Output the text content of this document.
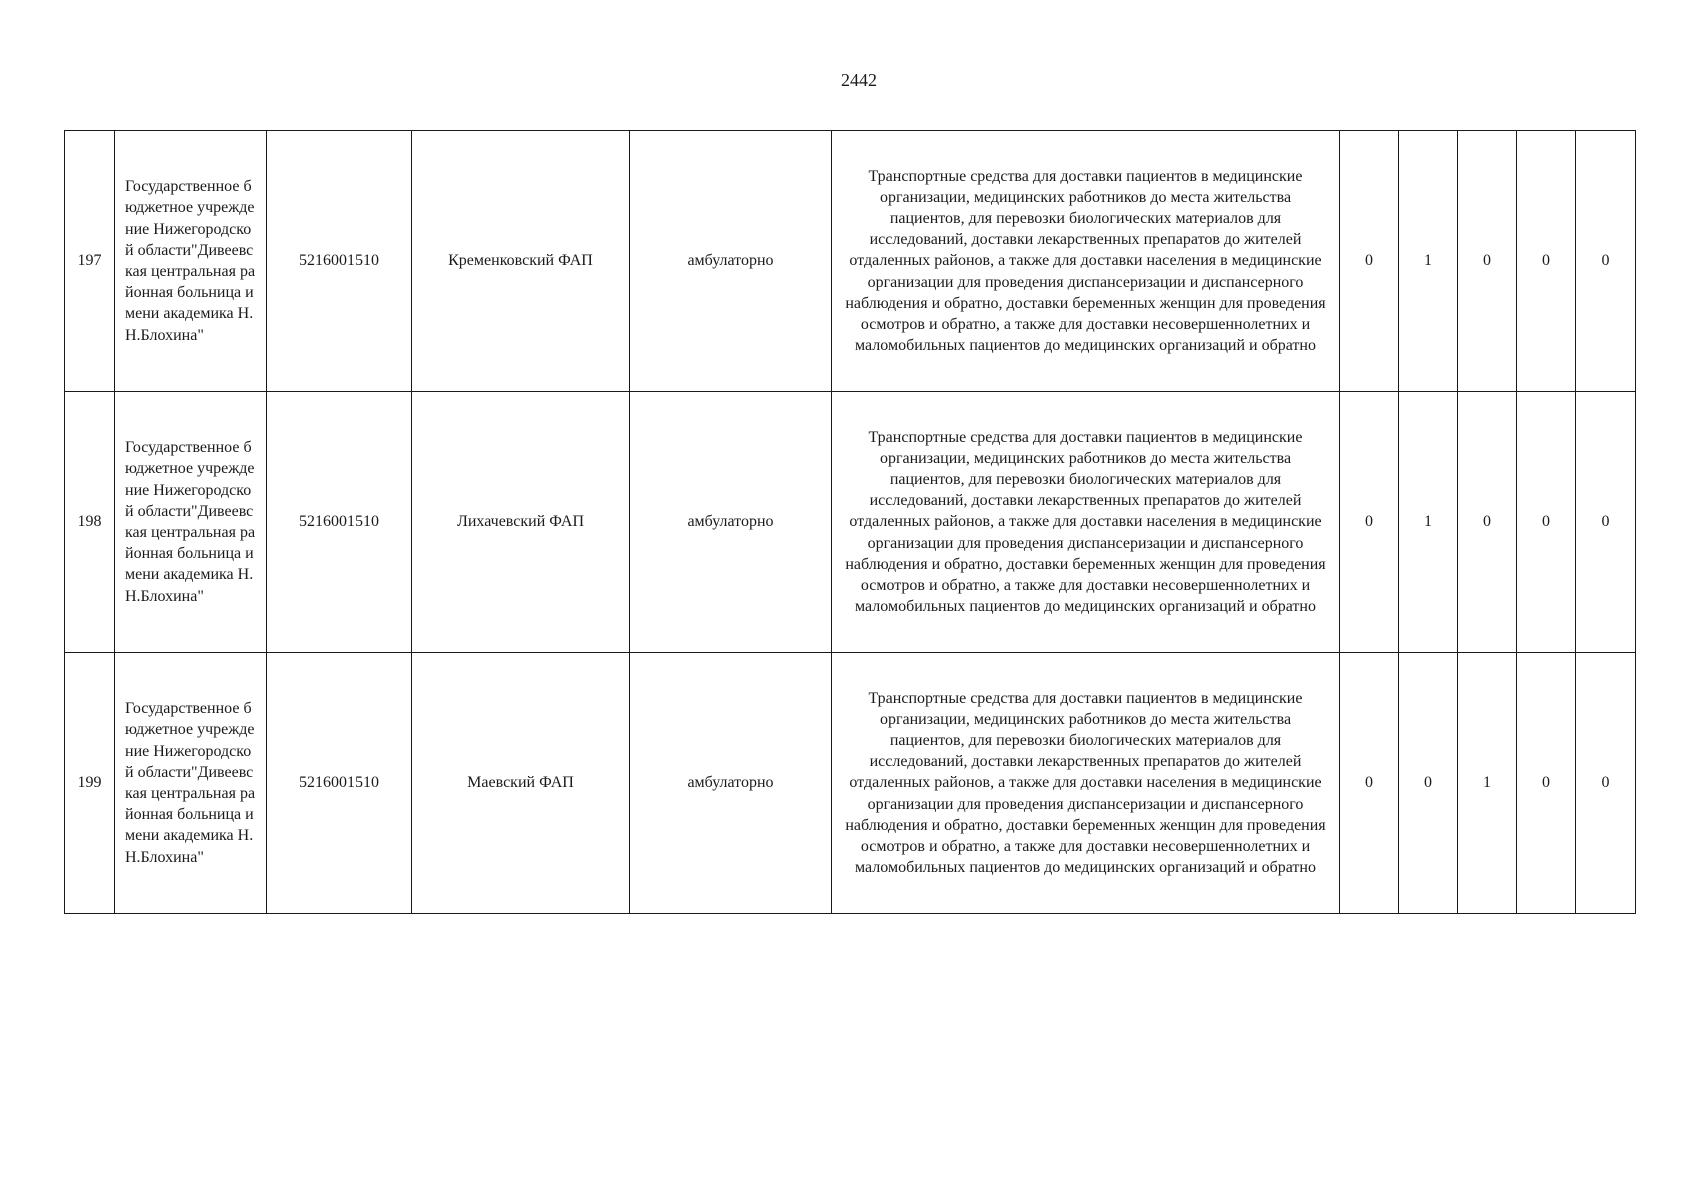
2442
197	Государственное бюджетное учреждение Нижегородской области"Дивеевская центральная районная больница имени академика Н.Н.Блохина"	5216001510	Кременковский ФАП	амбулаторно	Транспортные средства для доставки пациентов в медицинские организации, медицинских работников до места жительства пациентов, для перевозки биологических материалов для исследований, доставки лекарственных препаратов до жителей отдаленных районов, а также для доставки населения в медицинские организации для проведения диспансеризации и диспансерного наблюдения и обратно, доставки беременных женщин для проведения осмотров и обратно, а также для доставки несовершеннолетних и маломобильных пациентов до медицинских организаций и обратно	0	1	0	0	0
198	Государственное бюджетное учреждение Нижегородской области"Дивеевская центральная районная больница имени академика Н.Н.Блохина"	5216001510	Лихачевский ФАП	амбулаторно	Транспортные средства для доставки пациентов в медицинские организации, медицинских работников до места жительства пациентов, для перевозки биологических материалов для исследований, доставки лекарственных препаратов до жителей отдаленных районов, а также для доставки населения в медицинские организации для проведения диспансеризации и диспансерного наблюдения и обратно, доставки беременных женщин для проведения осмотров и обратно, а также для доставки несовершеннолетних и маломобильных пациентов до медицинских организаций и обратно	0	1	0	0	0
199	Государственное бюджетное учреждение Нижегородской области"Дивеевская центральная районная больница имени академика Н.Н.Блохина"	5216001510	Маевский ФАП	амбулаторно	Транспортные средства для доставки пациентов в медицинские организации, медицинских работников до места жительства пациентов, для перевозки биологических материалов для исследований, доставки лекарственных препаратов до жителей отдаленных районов, а также для доставки населения в медицинские организации для проведения диспансеризации и диспансерного наблюдения и обратно, доставки беременных женщин для проведения осмотров и обратно, а также для доставки несовершеннолетних и маломобильных пациентов до медицинских организаций и обратно	0	0	1	0	0
